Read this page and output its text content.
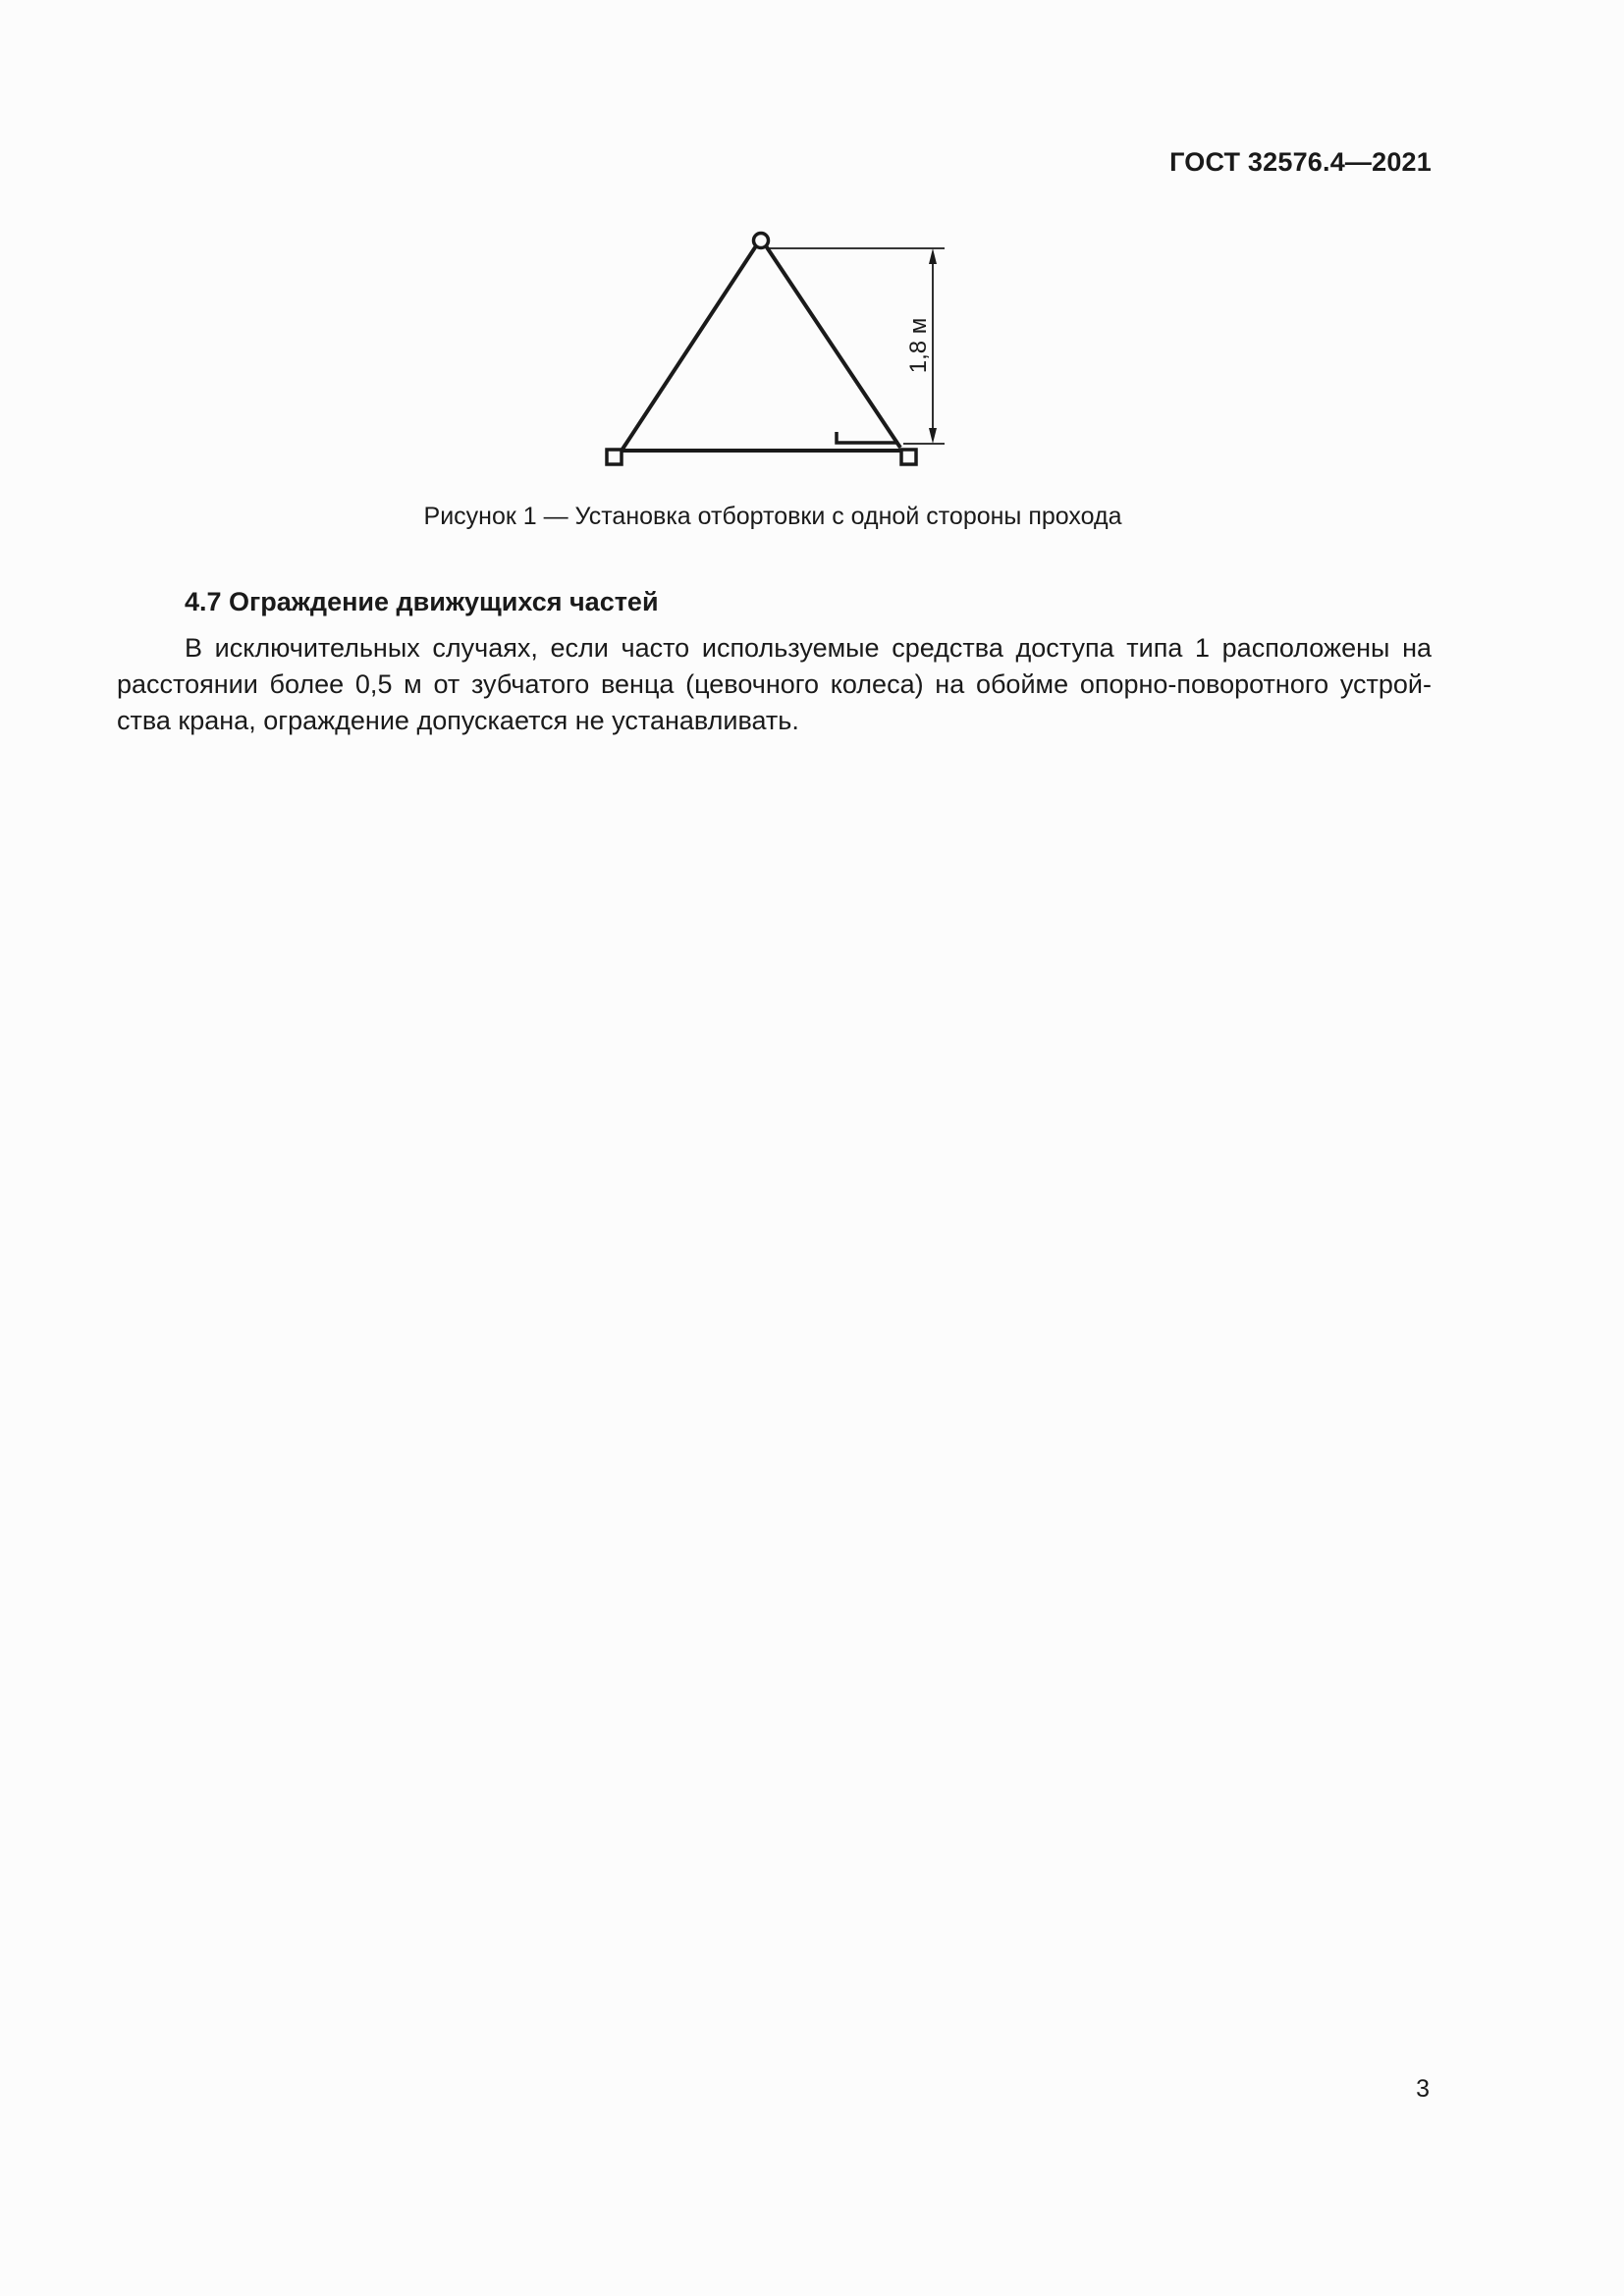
ГОСТ 32576.4—2021
1,8 м
Рисунок 1 — Установка отбортовки с одной стороны прохода
4.7 Ограждение движущихся частей
В исключительных случаях, если часто используемые средства доступа типа 1 расположены на
расстоянии более 0,5 м от зубчатого венца (цевочного колеса) на обойме опорно-поворотного устрой-
ства крана, ограждение допускается не устанавливать.
3
